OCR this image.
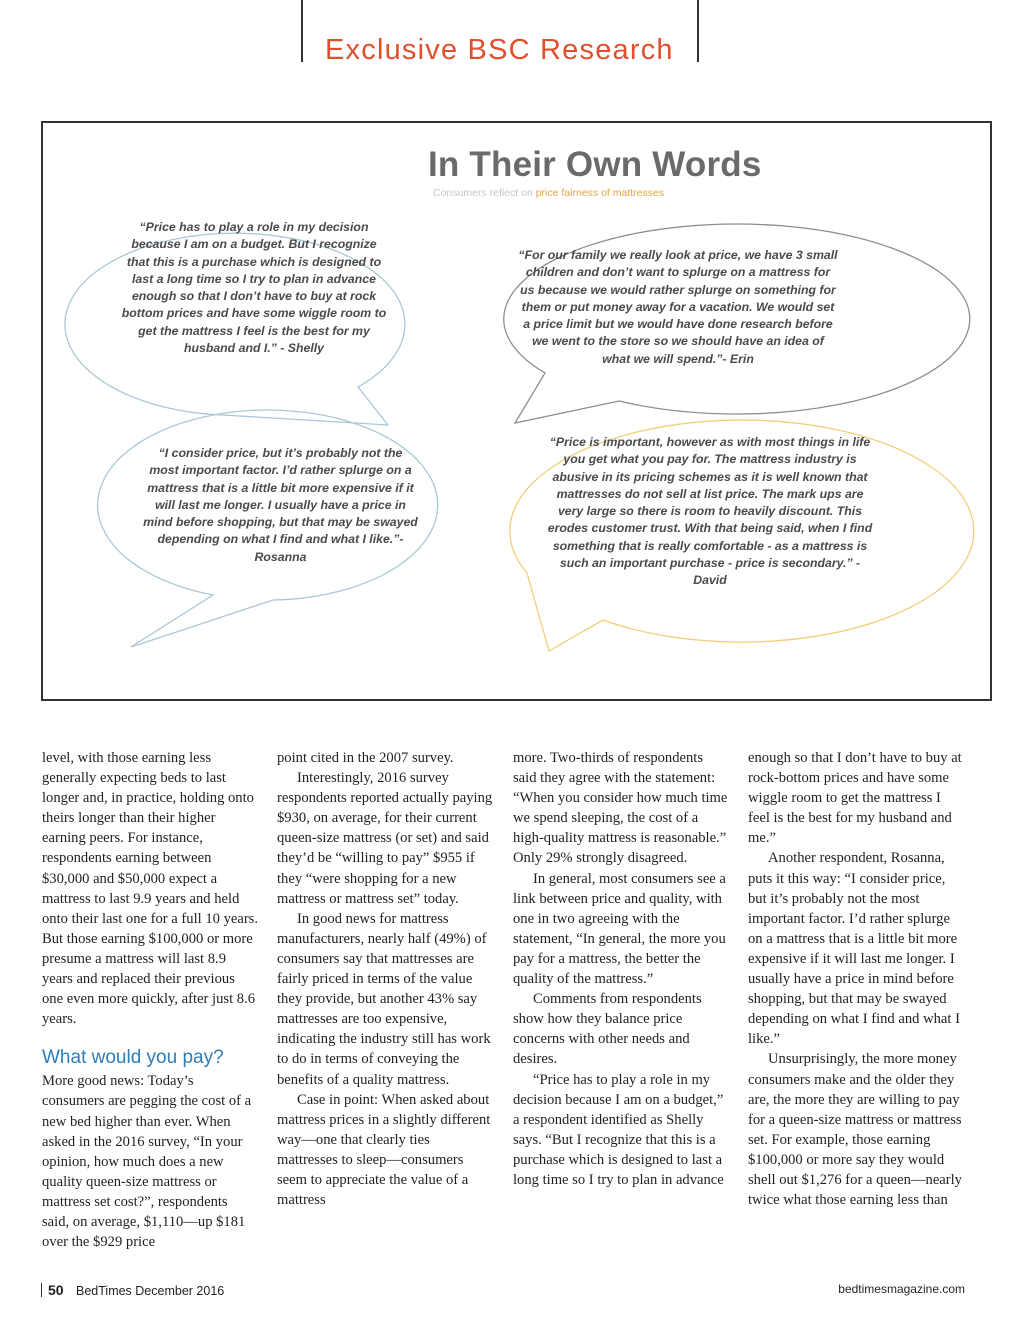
Exclusive BSC Research
In Their Own Words
Consumers reflect on price fairness of mattresses
“Price has to play a role in my decision because I am on a budget. But I recognize that this is a purchase which is designed to last a long time so I try to plan in advance enough so that I don’t have to buy at rock bottom prices and have some wiggle room to get the mattress I feel is the best for my husband and I.” - Shelly
“For our family we really look at price, we have 3 small children and don’t want to splurge on a mattress for us because we would rather splurge on something for them or put money away for a vacation. We would set a price limit but we would have done research before we went to the store so we should have an idea of what we will spend.”- Erin
“I consider price, but it’s probably not the most important factor. I’d rather splurge on a mattress that is a little bit more expensive if it will last me longer. I usually have a price in mind before shopping, but that may be swayed depending on what I find and what I like.”-Rosanna
“Price is important, however as with most things in life you get what you pay for. The mattress industry is abusive in its pricing schemes as it is well known that mattresses do not sell at list price. The mark ups are very large so there is room to heavily discount. This erodes customer trust. With that being said, when I find something that is really comfortable - as a mattress is such an important purchase - price is secondary.” - David

level, with those earning less generally expecting beds to last longer and, in practice, holding onto theirs longer than their higher earning peers. For instance, respondents earning between $30,000 and $50,000 expect a mattress to last 9.9 years and held onto their last one for a full 10 years. But those earning $100,000 or more presume a mattress will last 8.9 years and replaced their previous one even more quickly, after just 8.6 years.

What would you pay?

More good news: Today’s consumers are pegging the cost of a new bed higher than ever. When asked in the 2016 survey, “In your opinion, how much does a new quality queen-size mattress or mattress set cost?”, respondents said, on average, $1,110—up $181 over the $929 price

point cited in the 2007 survey.

Interestingly, 2016 survey respondents reported actually paying $930, on average, for their current queen-size mattress (or set) and said they’d be “willing to pay” $955 if they “were shopping for a new mattress or mattress set” today.

In good news for mattress manufacturers, nearly half (49%) of consumers say that mattresses are fairly priced in terms of the value they provide, but another 43% say mattresses are too expensive, indicating the industry still has work to do in terms of conveying the benefits of a quality mattress.

Case in point: When asked about mattress prices in a slightly different way—one that clearly ties mattresses to sleep—consumers seem to appreciate the value of a mattress

more. Two-thirds of respondents said they agree with the statement: “When you consider how much time we spend sleeping, the cost of a high-quality mattress is reasonable.” Only 29% strongly disagreed.

In general, most consumers see a link between price and quality, with one in two agreeing with the statement, “In general, the more you pay for a mattress, the better the quality of the mattress.”

Comments from respondents show how they balance price concerns with other needs and desires.

“Price has to play a role in my decision because I am on a budget,” a respondent identified as Shelly says. “But I recognize that this is a purchase which is designed to last a long time so I try to plan in advance

enough so that I don’t have to buy at rock-bottom prices and have some wiggle room to get the mattress I feel is the best for my husband and me.”

Another respondent, Rosanna, puts it this way: “I consider price, but it’s probably not the most important factor. I’d rather splurge on a mattress that is a little bit more expensive if it will last me longer. I usually have a price in mind before shopping, but that may be swayed depending on what I find and what I like.”

Unsurprisingly, the more money consumers make and the older they are, the more they are willing to pay for a queen-size mattress or mattress set. For example, those earning $100,000 or more say they would shell out $1,276 for a queen—nearly twice what those earning less than

50 BedTimes December 2016	bedtimesmagazine.com
